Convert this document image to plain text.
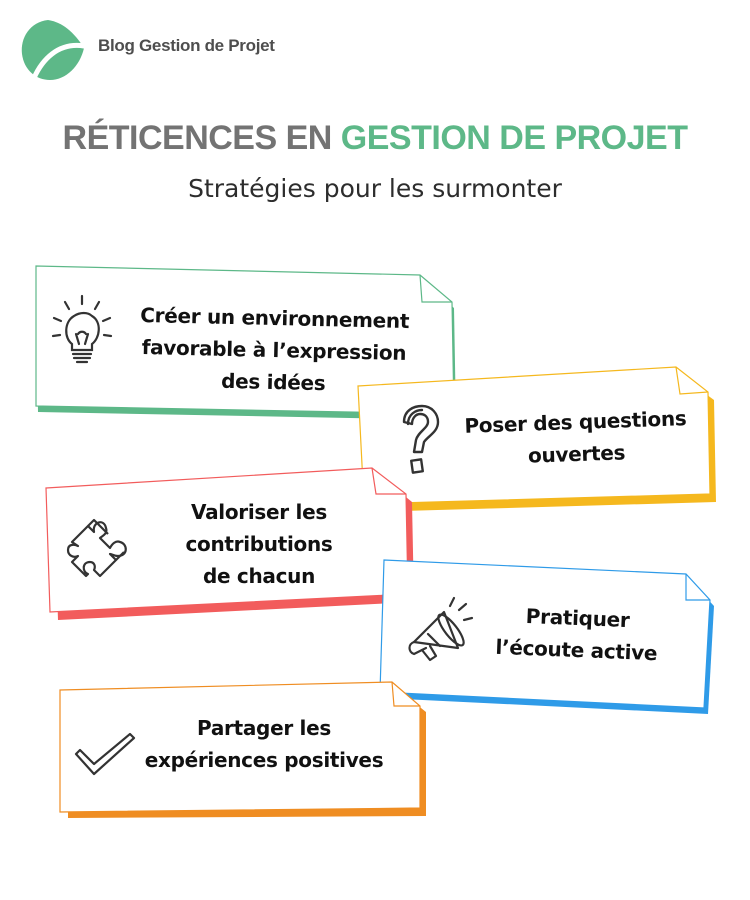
Blog Gestion de Projet
RÉTICENCES EN GESTION DE PROJET
Stratégies pour les surmonter
Créer un environnement
favorable à l’expression
des idées
Poser des questions
ouvertes
Valoriser les
contributions
de chacun
Pratiquer
l’écoute active
Partager les
expériences positives
